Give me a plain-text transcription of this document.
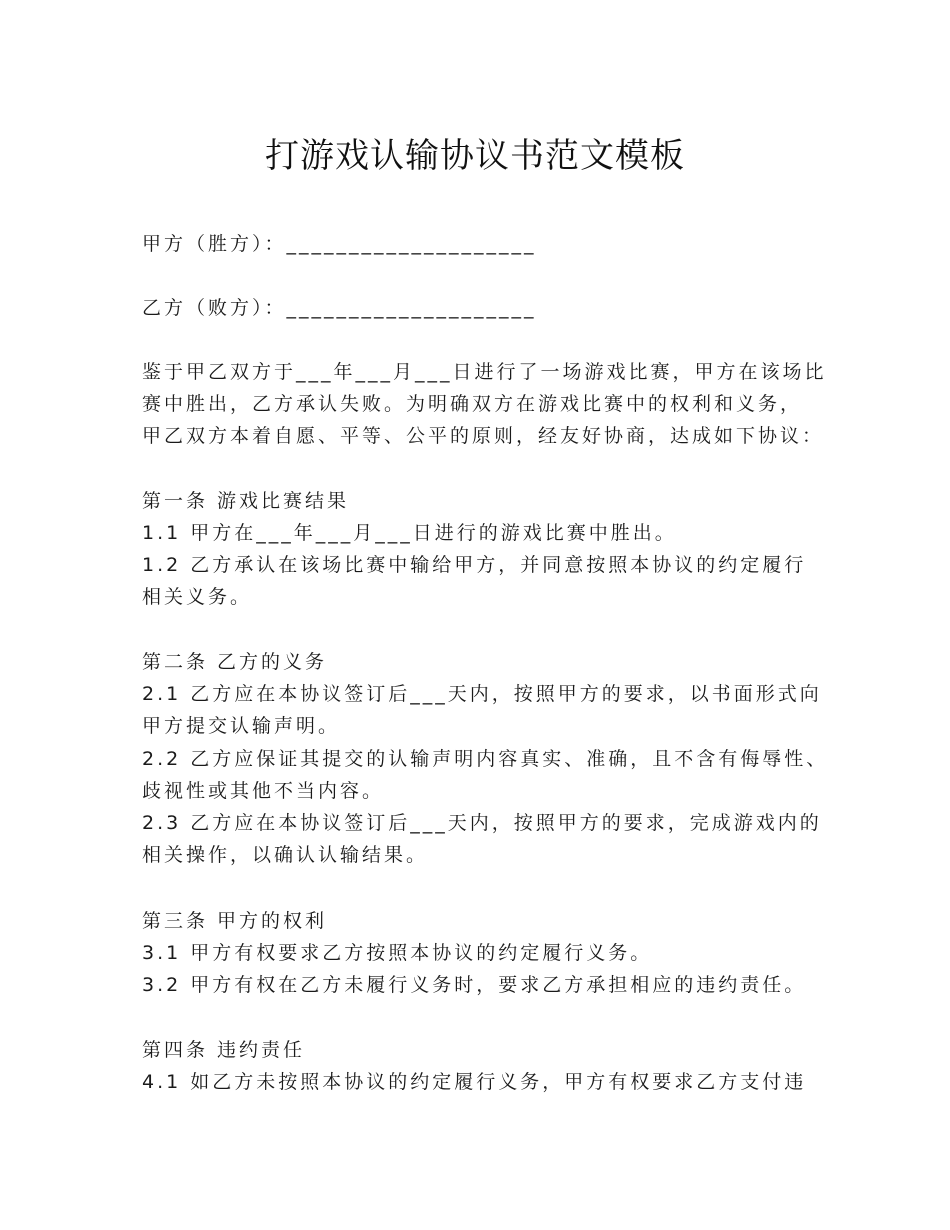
打游戏认输协议书范文模板
甲方（胜方）：____________________
乙方（败方）：____________________
鉴于甲乙双方于___年___月___日进行了一场游戏比赛，甲方在该场比
赛中胜出，乙方承认失败。为明确双方在游戏比赛中的权利和义务，
甲乙双方本着自愿、平等、公平的原则，经友好协商，达成如下协议：
第一条 游戏比赛结果
1.1 甲方在___年___月___日进行的游戏比赛中胜出。
1.2 乙方承认在该场比赛中输给甲方，并同意按照本协议的约定履行
相关义务。
第二条 乙方的义务
2.1 乙方应在本协议签订后___天内，按照甲方的要求，以书面形式向
甲方提交认输声明。
2.2 乙方应保证其提交的认输声明内容真实、准确，且不含有侮辱性、
歧视性或其他不当内容。
2.3 乙方应在本协议签订后___天内，按照甲方的要求，完成游戏内的
相关操作，以确认认输结果。
第三条 甲方的权利
3.1 甲方有权要求乙方按照本协议的约定履行义务。
3.2 甲方有权在乙方未履行义务时，要求乙方承担相应的违约责任。
第四条 违约责任
4.1 如乙方未按照本协议的约定履行义务，甲方有权要求乙方支付违
